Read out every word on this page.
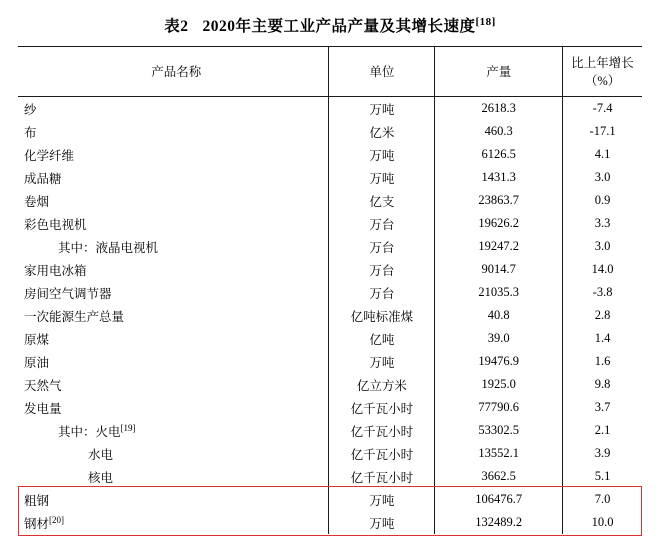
表2 2020年主要工业产品产量及其增长速度[18]
产品名称	单位	产量	比上年增长（%）
纱	万吨	2618.3	-7.4
布	亿米	460.3	-17.1
化学纤维	万吨	6126.5	4.1
成品糖	万吨	1431.3	3.0
卷烟	亿支	23863.7	0.9
彩色电视机	万台	19626.2	3.3
其中：液晶电视机	万台	19247.2	3.0
家用电冰箱	万台	9014.7	14.0
房间空气调节器	万台	21035.3	-3.8
一次能源生产总量	亿吨标准煤	40.8	2.8
原煤	亿吨	39.0	1.4
原油	万吨	19476.9	1.6
天然气	亿立方米	1925.0	9.8
发电量	亿千瓦小时	77790.6	3.7
其中：火电[19]	亿千瓦小时	53302.5	2.1
水电	亿千瓦小时	13552.1	3.9
核电	亿千瓦小时	3662.5	5.1
粗钢	万吨	106476.7	7.0
钢材[20]	万吨	132489.2	10.0
